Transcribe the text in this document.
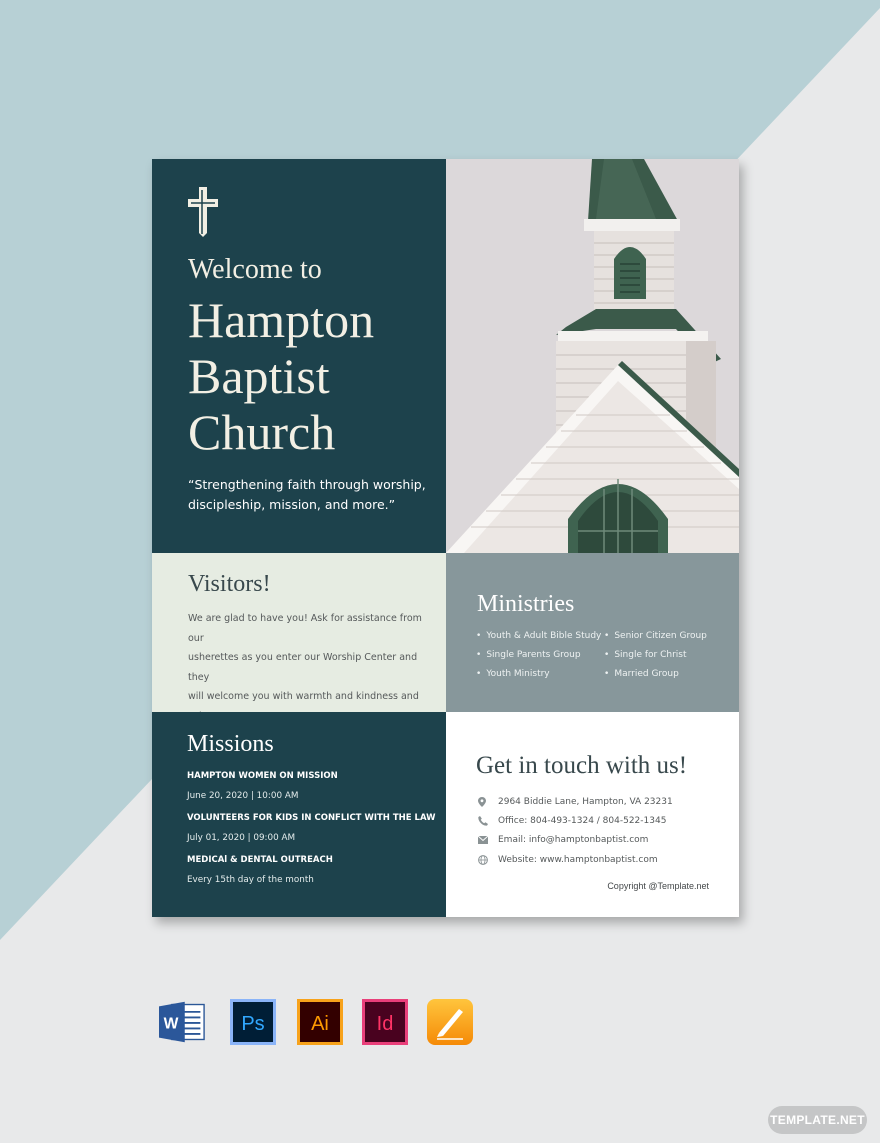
Welcome to
Hampton
Baptist
Church
“Strengthening faith through worship,
discipleship, mission, and more.”
Visitors!
We are glad to have you! Ask for assistance from our
usherettes as you enter our Worship Center and they
will welcome you with warmth and kindness and
Ministries
• Youth & Adult Bible Study • Senior Citizen Group
• Single Parents Group	• Single for Christ
• Youth Ministry	• Married Group
Missions
HAMPTON WOMEN ON MISSION
June 20, 2020 | 10:00 AM
VOLUNTEERS FOR KIDS IN CONFLICT WITH THE LAW
July 01, 2020 | 09:00 AM
MEDICAl & DENTAL OUTREACH
Every 15th day of the month
Get in touch with us!
2964 Biddie Lane, Hampton, VA 23231
Office: 804-493-1324 / 804-522-1345
Email: info@hamptonbaptist.com
Website: www.hamptonbaptist.com
Copyright @Template.net
W	Ps Ai Id
TEMPLATE.NET
